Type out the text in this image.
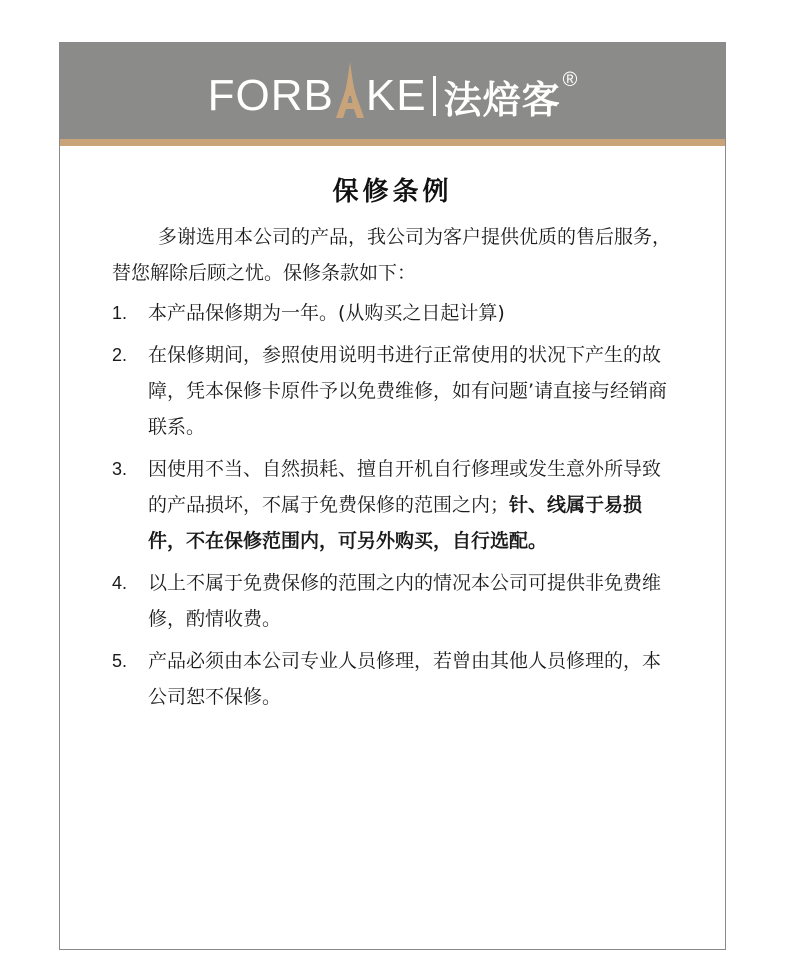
FORB KE 法焙客 ®
保修条例

多谢选用本公司的产品，我公司为客户提供优质的售后服务，替您解除后顾之忧。保修条款如下：

1.	本产品保修期为一年。(从购买之日起计算)
2.	在保修期间，参照使用说明书进行正常使用的状况下产生的故障，凭本保修卡原件予以免费维修，如有问题’请直接与经销商联系。
3.	因使用不当、自然损耗、擅自开机自行修理或发生意外所导致的产品损坏，不属于免费保修的范围之内；针、线属于易损件，不在保修范围内，可另外购买，自行选配。
4.	以上不属于免费保修的范围之内的情况本公司可提供非免费维修，酌情收费。
5.	产品必须由本公司专业人员修理，若曾由其他人员修理的，本公司恕不保修。
